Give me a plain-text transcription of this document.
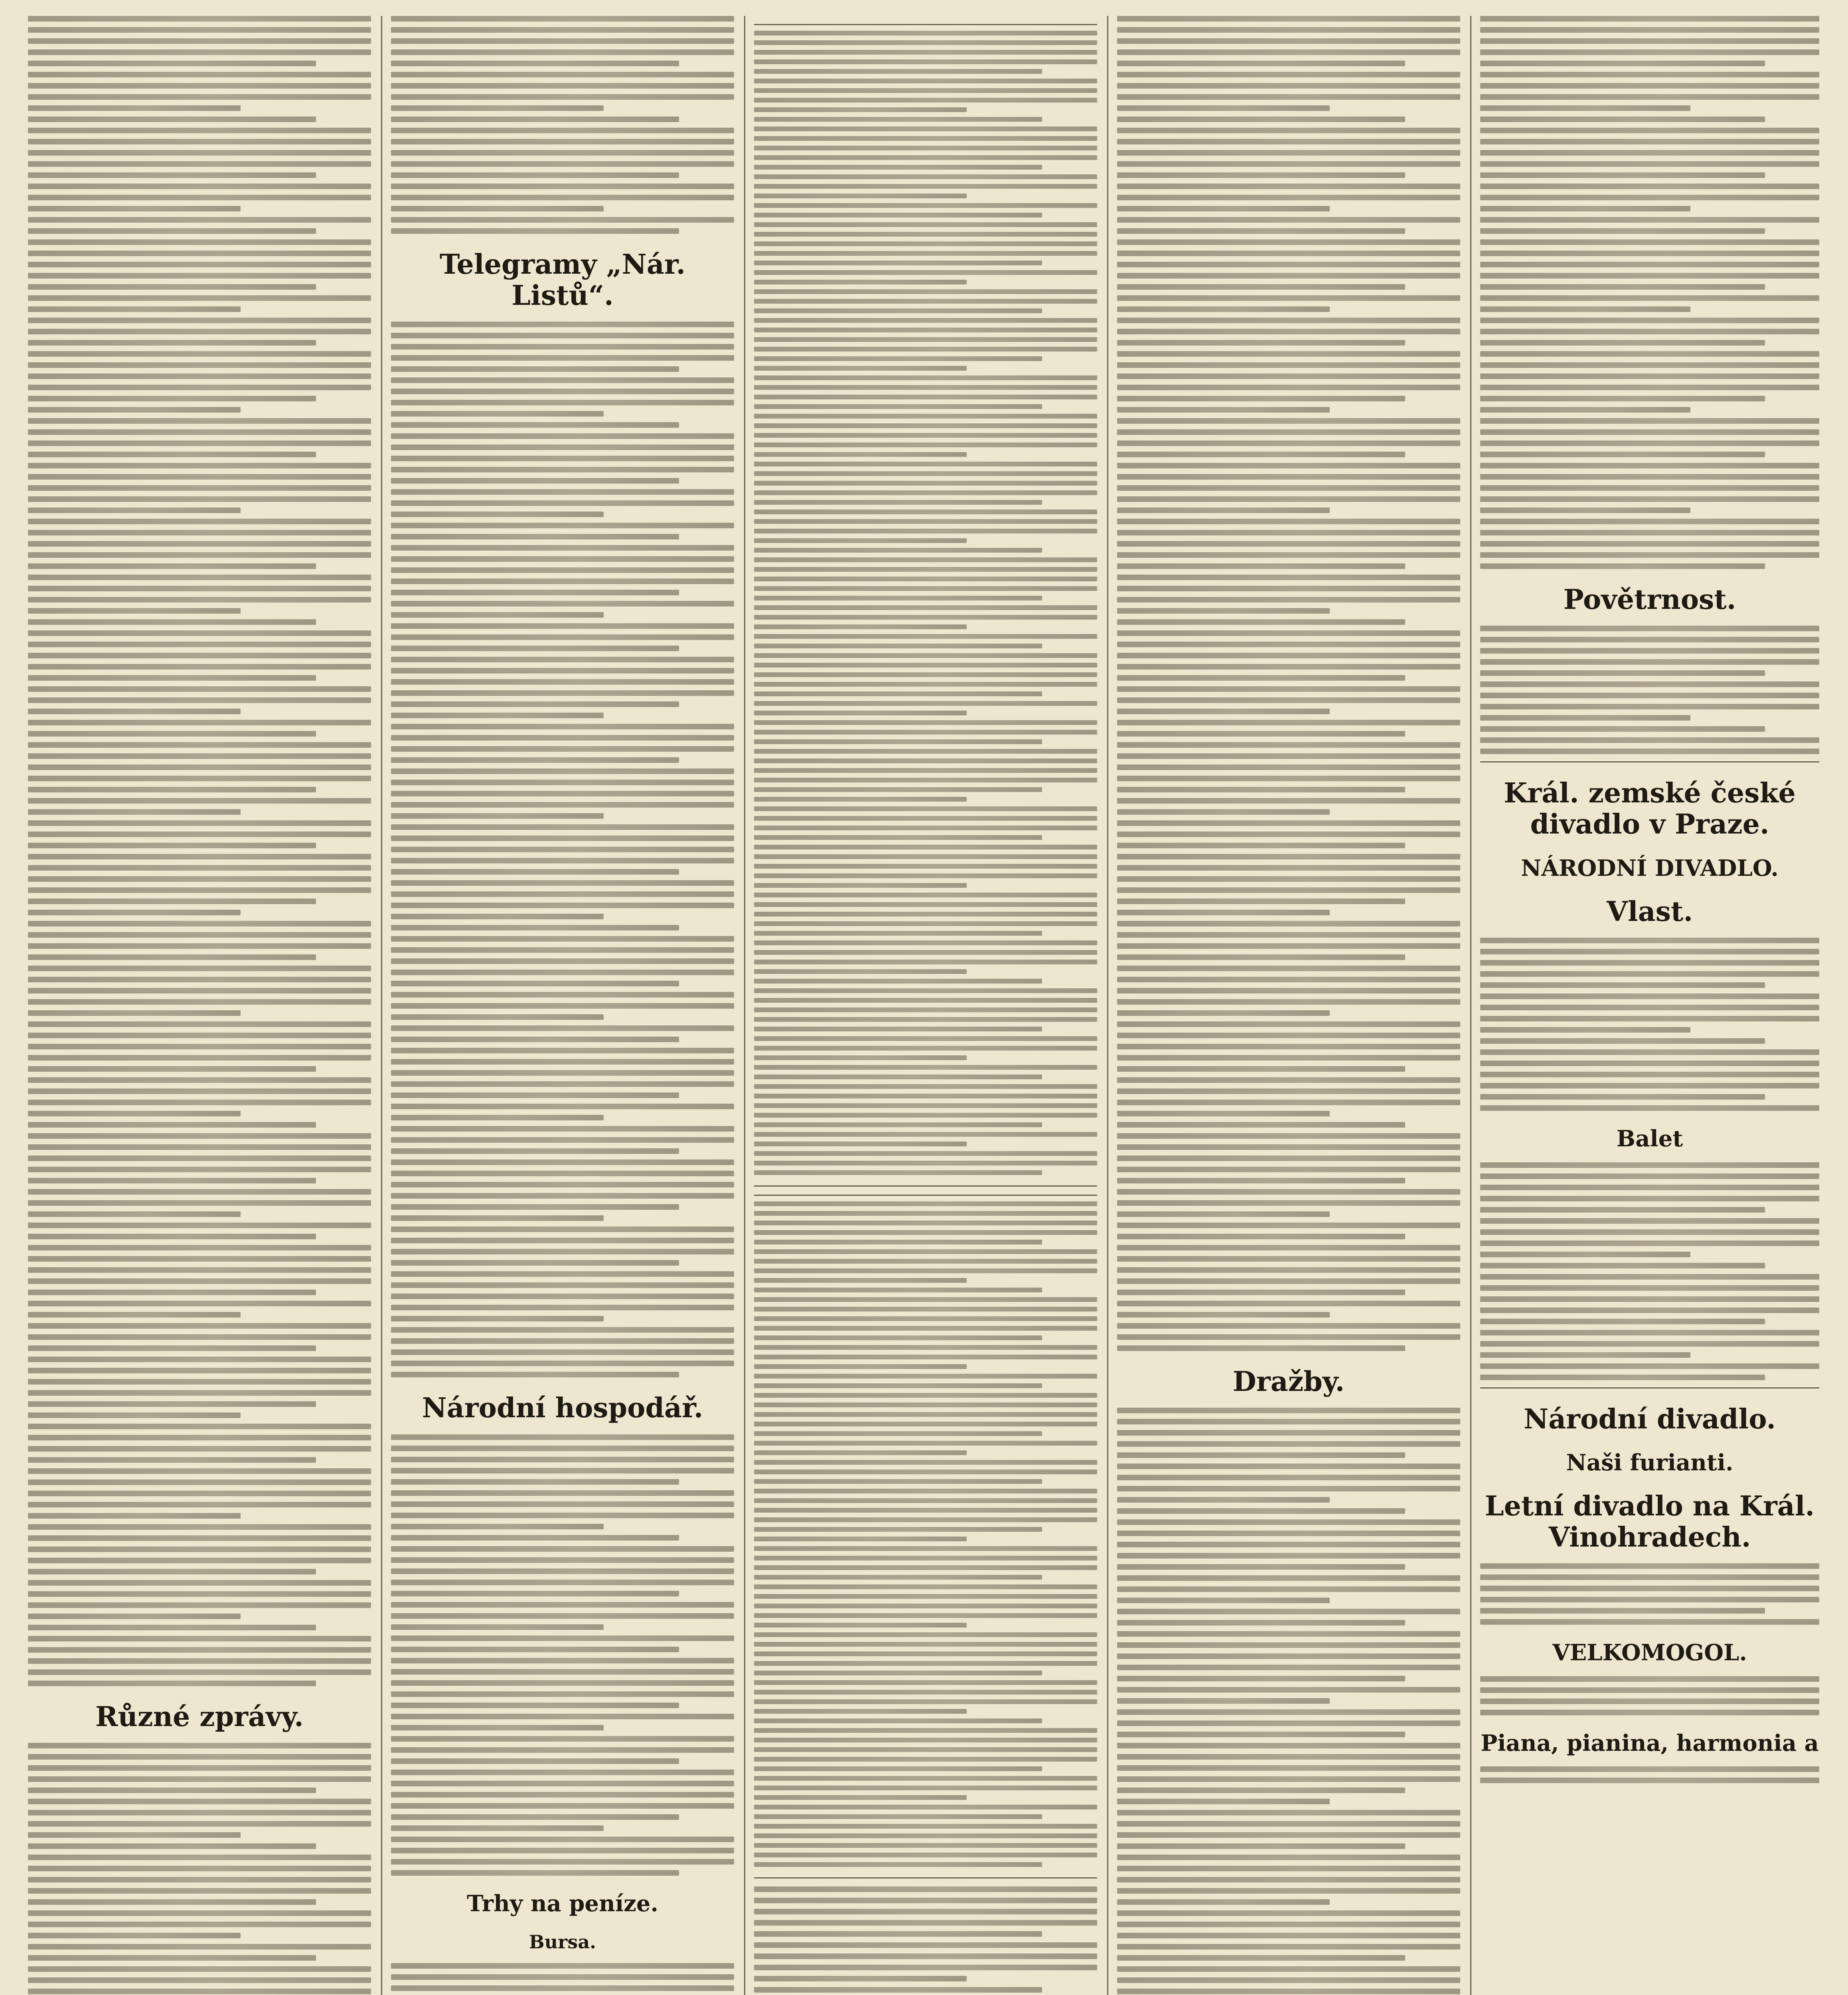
Různé zprávy.
Telegramy „Nár. Listů“.
Národní hospodář.
Trhy na peníze.
Bursa.
Dražby.
Povětrnost.
Král. zemské české divadlo v Praze.
NÁRODNÍ DIVADLO.
Vlast.
Balet
Národní divadlo.
Naši furianti.
Letní divadlo na Král. Vinohradech.
VELKOMOGOL.
Piana, pianina, harmonia a
